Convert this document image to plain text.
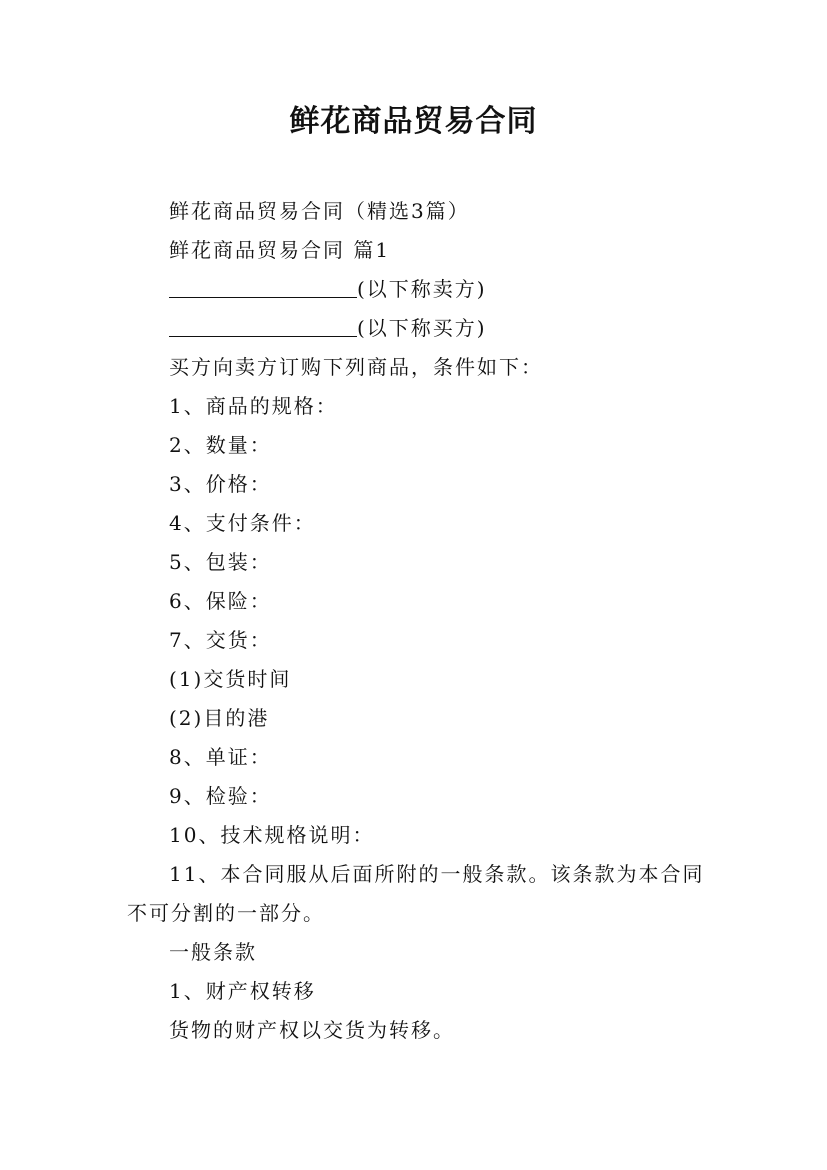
鲜花商品贸易合同
鲜花商品贸易合同（精选3篇）
鲜花商品贸易合同 篇1
(以下称卖方)
(以下称买方)
买方向卖方订购下列商品，条件如下：
1、商品的规格：
2、数量：
3、价格：
4、支付条件：
5、包装：
6、保险：
7、交货：
(1)交货时间
(2)目的港
8、单证：
9、检验：
10、技术规格说明：
11、本合同服从后面所附的一般条款。该条款为本合同不可分割的一部分。
一般条款
1、财产权转移
货物的财产权以交货为转移。
